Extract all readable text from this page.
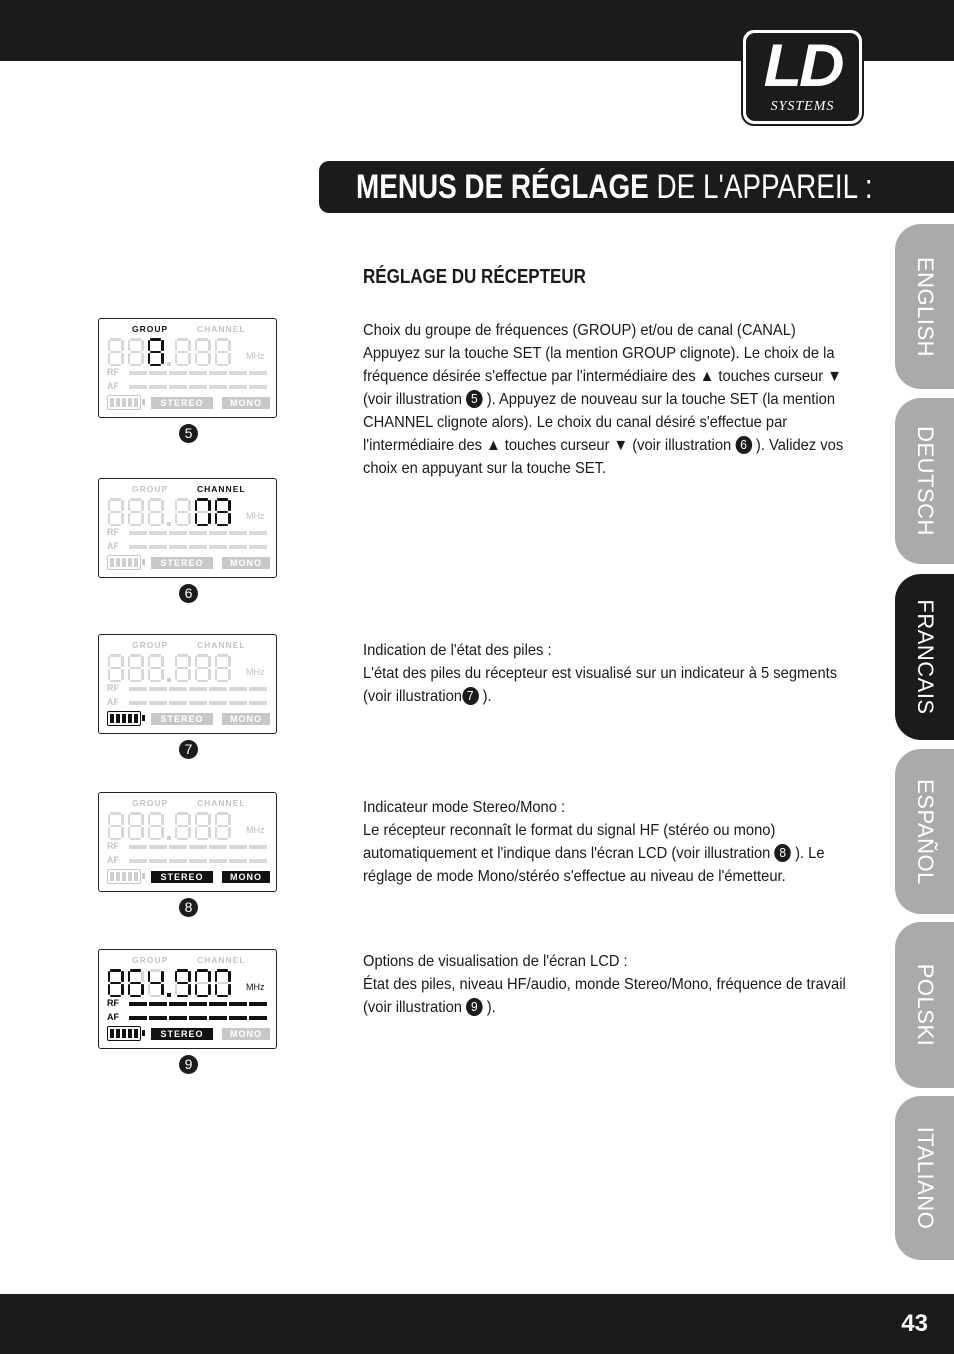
LD
SYSTEMS
MENUS DE RÉGLAGE DE L'APPAREIL :
RÉGLAGE DU RÉCEPTEUR

Choix du groupe de fréquences (GROUP) et/ou de canal (CANAL)

Appuyez sur la touche SET (la mention GROUP clignote). Le choix de la fréquence désirée s'effectue par l'intermédiaire des ▲ touches curseur ▼ (voir illustration 5 ). Appuyez de nouveau sur la touche SET (la mention CHANNEL clignote alors). Le choix du canal désiré s'effectue par l'intermédiaire des ▲ touches curseur ▼ (voir illustration 6 ). Validez vos choix en appuyant sur la touche SET.

Indication de l'état des piles :

L'état des piles du récepteur est visualisé sur un indicateur à 5 segments (voir illustration 7 ).

Indicateur mode Stereo/Mono :

Le récepteur reconnaît le format du signal HF (stéréo ou mono) automatiquement et l'indique dans l'écran LCD (voir illustration 8 ). Le réglage de mode Mono/stéréo s'effectue au niveau de l'émetteur.

Options de visualisation de l'écran LCD :

État des piles, niveau HF/audio, monde Stereo/Mono, fréquence de travail (voir illustration 9 ).

ENGLISH
DEUTSCH
FRANCAIS
ESPAÑOL
POLSKI
ITALIANO
GROUP	CHANNEL
MHz
RF
AF
STEREO	MONO
5
GROUP	CHANNEL
MHz
RF
AF
STEREO	MONO
6
GROUP	CHANNEL
MHz
RF
AF
STEREO	MONO
7
GROUP	CHANNEL
MHz
RF
AF
STEREO	MONO
8
GROUP	CHANNEL
MHz
RF
AF
STEREO	MONO
9
43
